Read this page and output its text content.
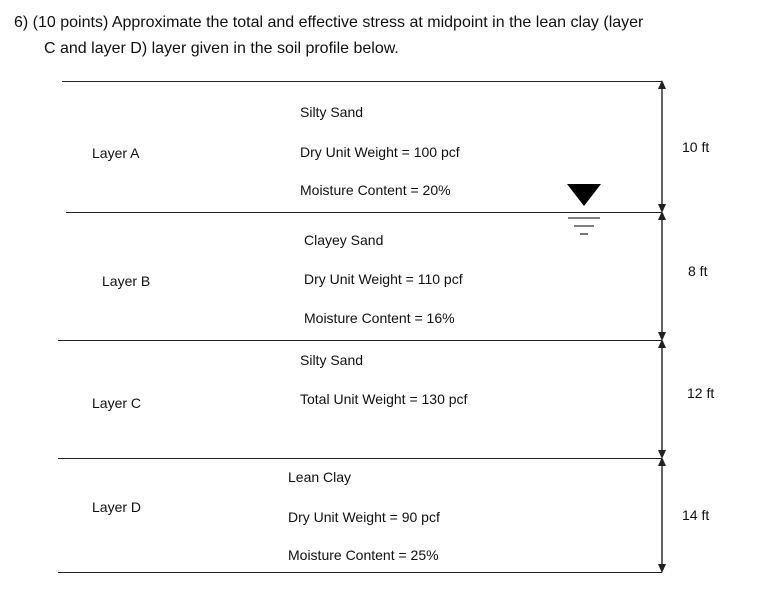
6) (10 points) Approximate the total and effective stress at midpoint in the lean clay (layer
C and layer D) layer given in the soil profile below.
Layer A
Silty Sand
Dry Unit Weight = 100 pcf
Moisture Content = 20%
10 ft
Layer B
Clayey Sand
Dry Unit Weight = 110 pcf
Moisture Content = 16%
8 ft
Layer C
Silty Sand
Total Unit Weight = 130 pcf	12 ft
Layer D
Lean Clay
Dry Unit Weight = 90 pcf
Moisture Content = 25%
14 ft
